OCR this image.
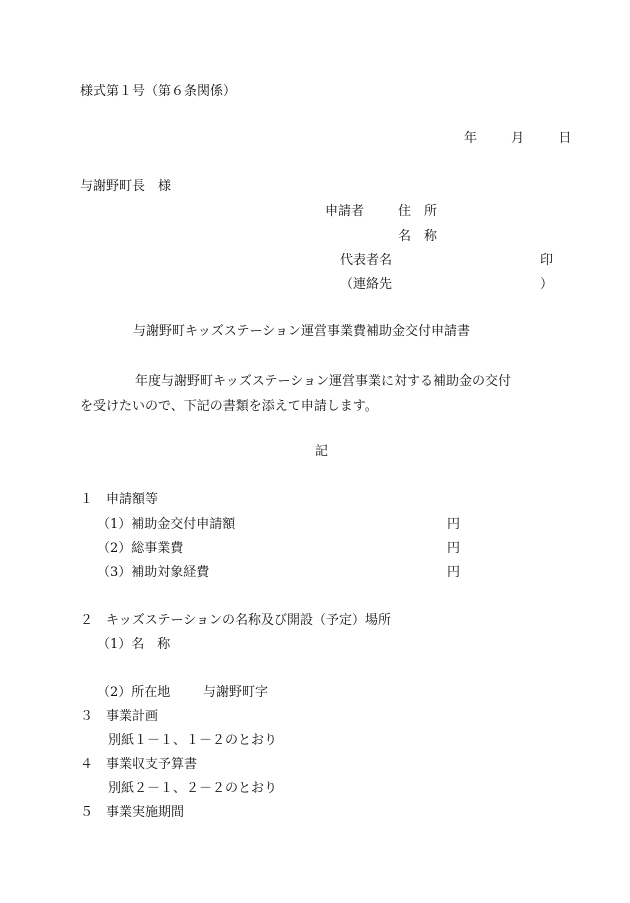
様式第１号（第６条関係）
年	月	日
与謝野町長　様
申請者	住　所
名　称
代表者名	印
（連絡先	）
与謝野町キッズステーション運営事業費補助金交付申請書
年度与謝野町キッズステーション運営事業に対する補助金の交付
を受けたいので、下記の書類を添えて申請します。
記
１　申請額等
（1）補助金交付申請額	円
（2）総事業費	円
（3）補助対象経費	円
２　キッズステーションの名称及び開設（予定）場所
（1）名　称
（2）所在地	与謝野町字
３　事業計画
別紙１－１、１－２のとおり
４　事業収支予算書
別紙２－１、２－２のとおり
５　事業実施期間
